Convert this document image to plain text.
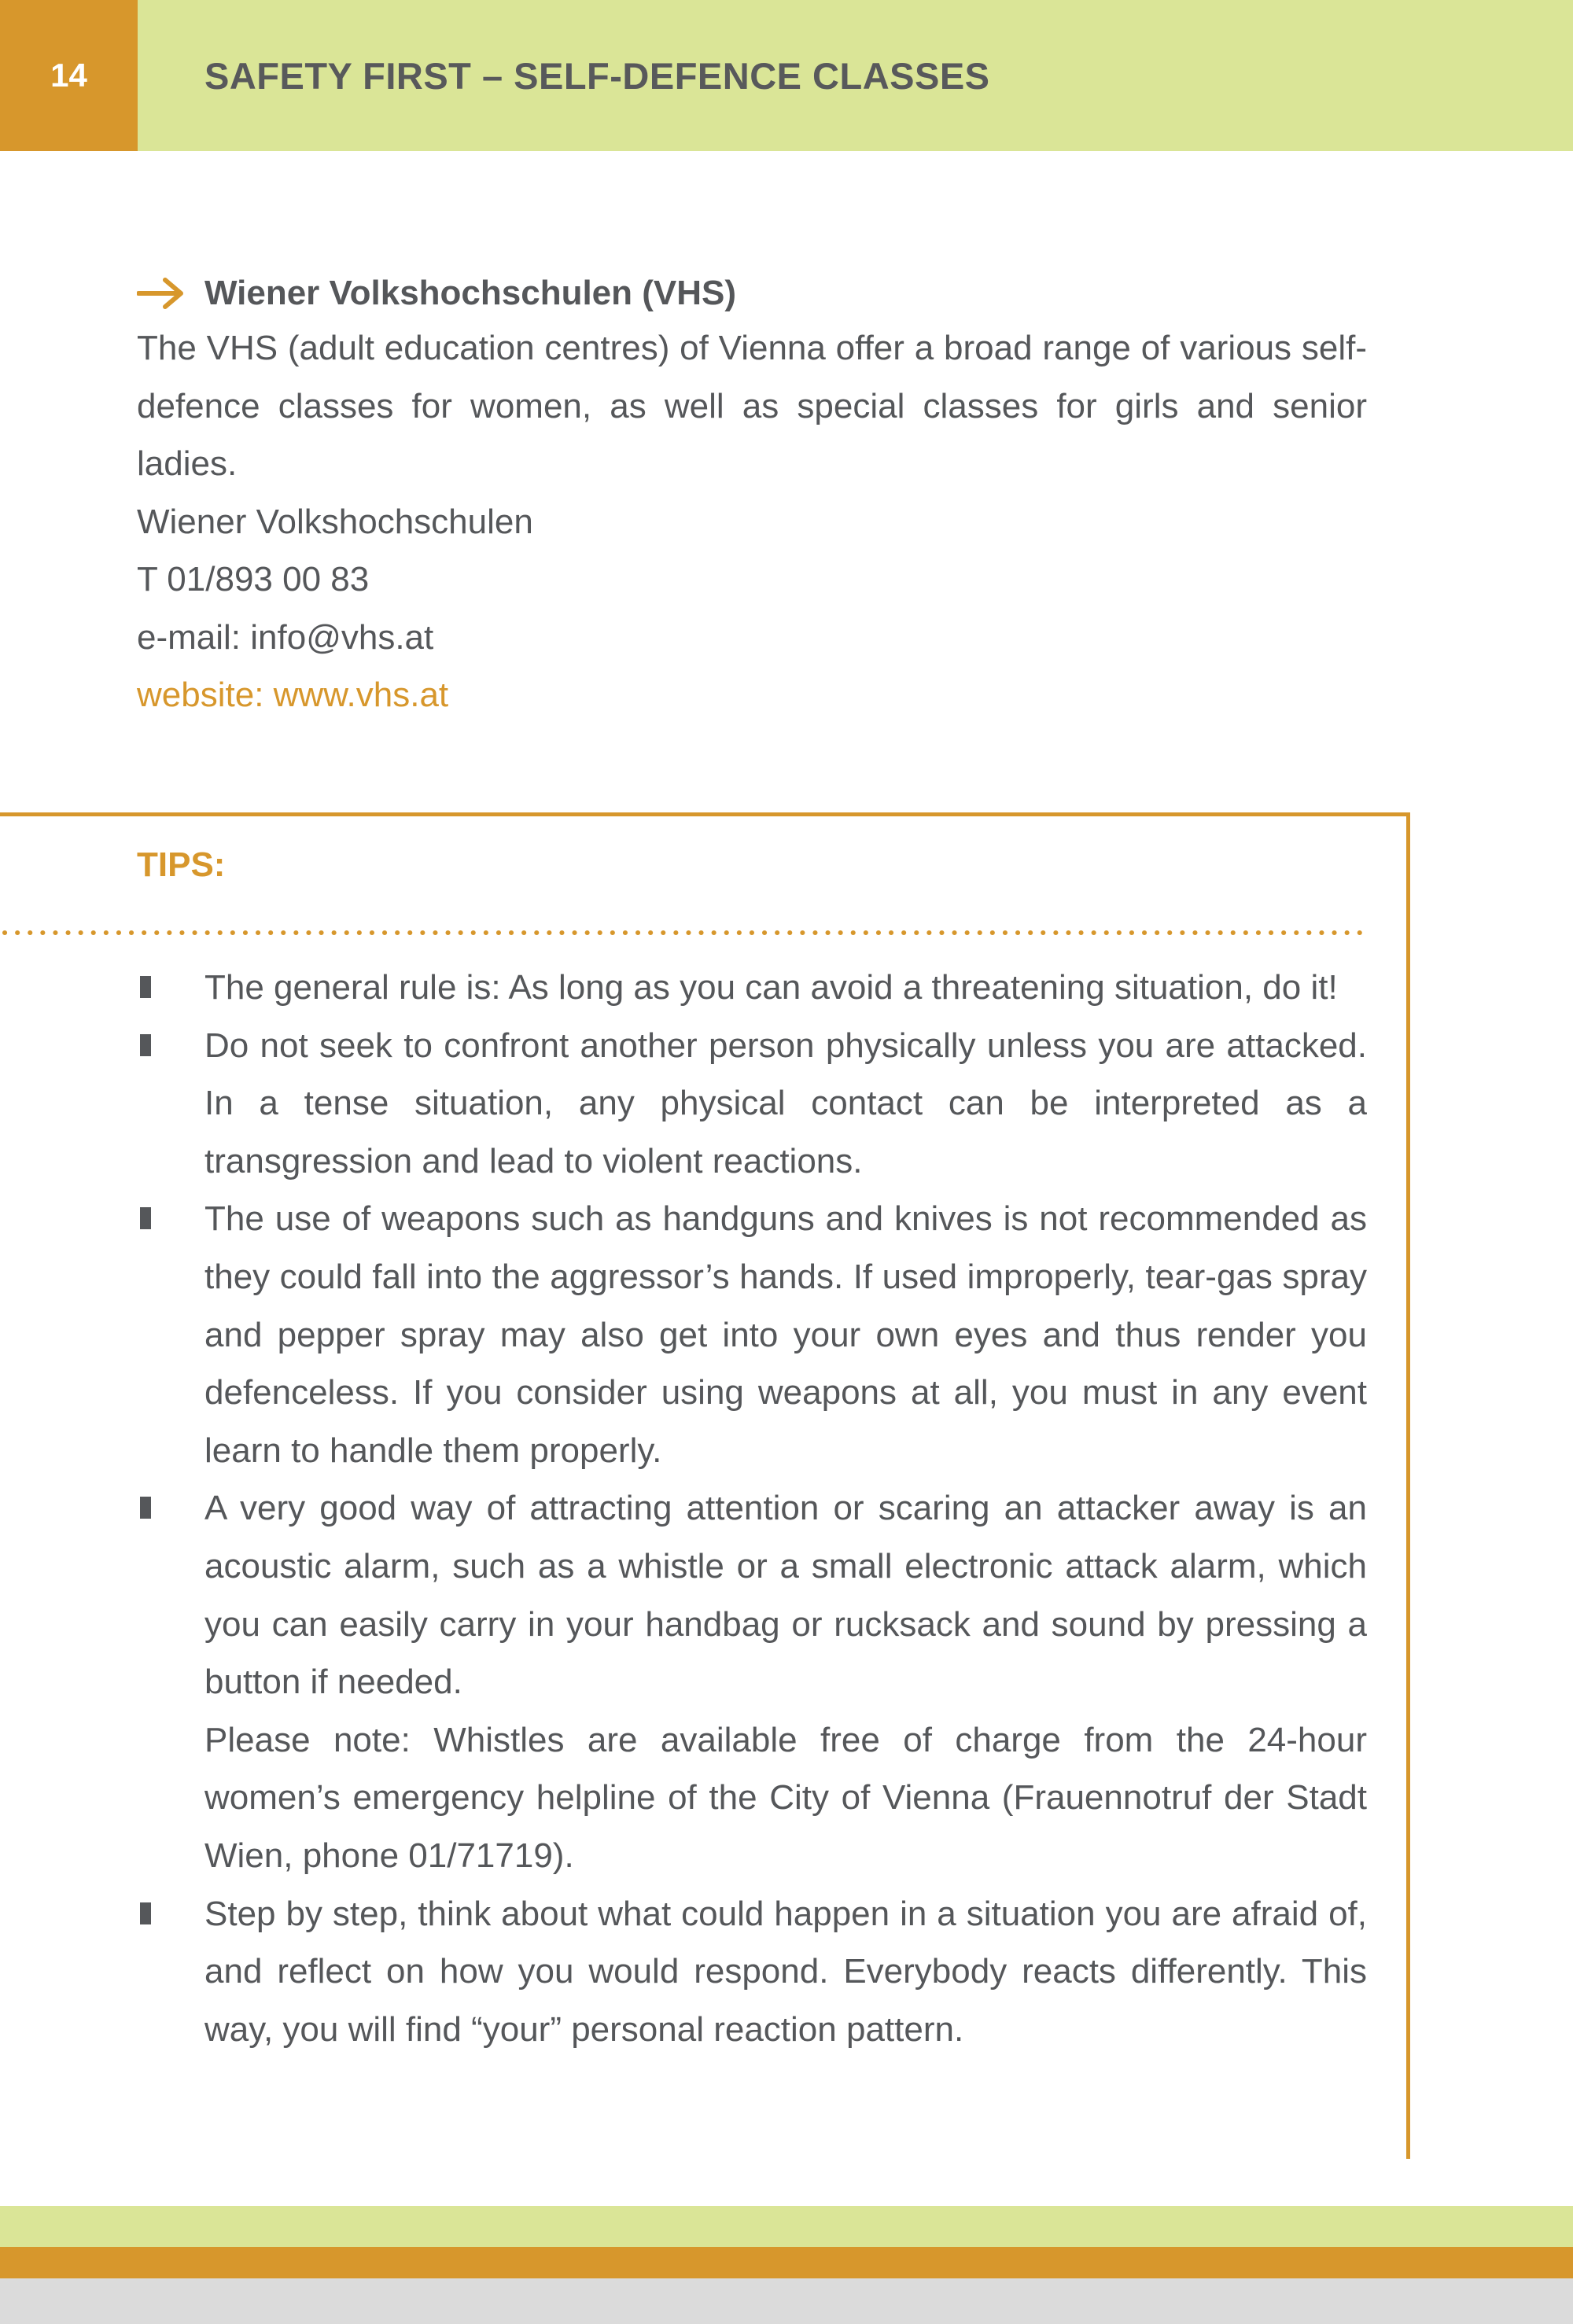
14	SAFETY FIRST – SELF-DEFENCE CLASSES
Wiener Volkshochschulen (VHS)
The VHS (adult education centres) of Vienna offer a broad range of various self-defence classes for women, as well as special classes for girls and senior ladies.
Wiener Volkshochschulen
T 01/893 00 83
e-mail: info@vhs.at
website: www.vhs.at
TIPS:
The general rule is: As long as you can avoid a threatening situation, do it!
Do not seek to confront another person physically unless you are attacked. In a tense situation, any physical contact can be interpreted as a transgression and lead to violent reactions.
The use of weapons such as handguns and knives is not recommended as they could fall into the aggressor’s hands. If used improperly, tear-gas spray and pepper spray may also get into your own eyes and thus render you defenceless. If you consider using weapons at all, you must in any event learn to handle them properly.
A very good way of attracting attention or scaring an attacker away is an acoustic alarm, such as a whistle or a small electronic attack alarm, which you can easily carry in your handbag or rucksack and sound by pressing a button if needed.
Please note: Whistles are available free of charge from the 24-hour women’s emergency helpline of the City of Vienna (Frauennotruf der Stadt Wien, phone 01/71719).
Step by step, think about what could happen in a situation you are afraid of, and reflect on how you would respond. Everybody reacts differently. This way, you will find “your” personal reaction pattern.
